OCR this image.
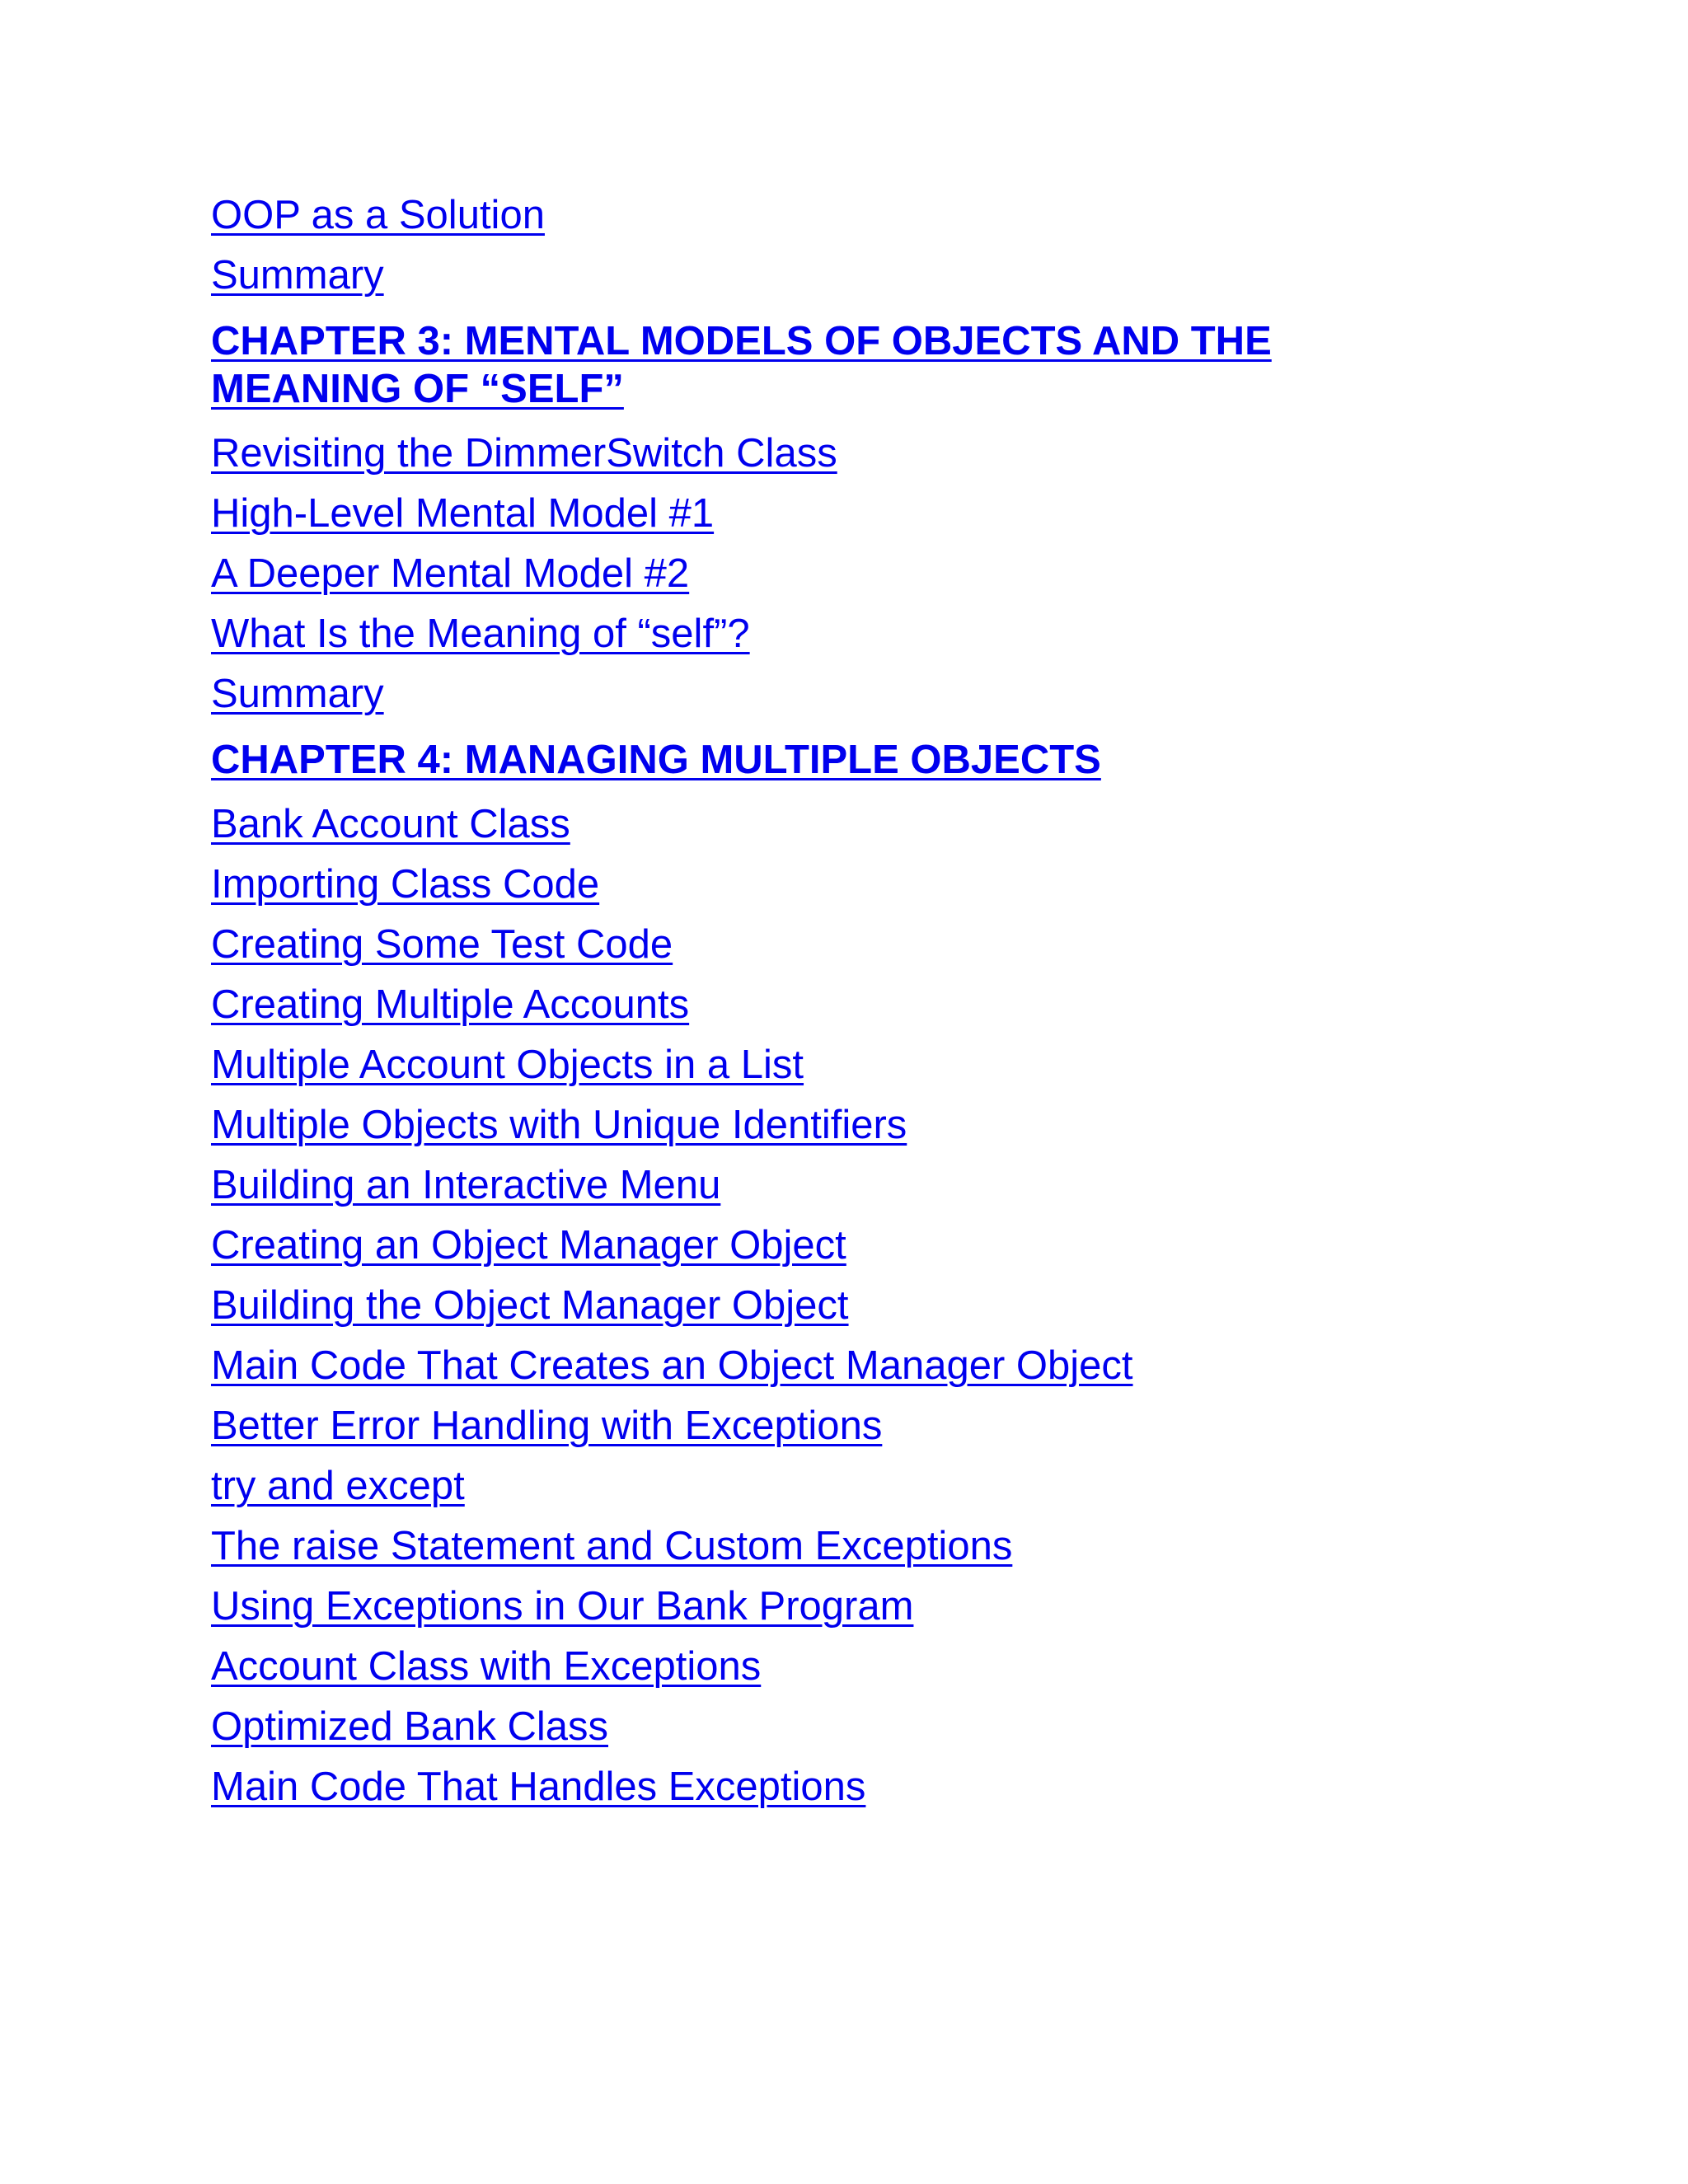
OOP as a Solution
Summary
CHAPTER 3: MENTAL MODELS OF OBJECTS AND THE
MEANING OF “SELF”
Revisiting the DimmerSwitch Class
High-Level Mental Model #1
A Deeper Mental Model #2
What Is the Meaning of “self”?
Summary
CHAPTER 4: MANAGING MULTIPLE OBJECTS
Bank Account Class
Importing Class Code
Creating Some Test Code
Creating Multiple Accounts
Multiple Account Objects in a List
Multiple Objects with Unique Identifiers
Building an Interactive Menu
Creating an Object Manager Object
Building the Object Manager Object
Main Code That Creates an Object Manager Object
Better Error Handling with Exceptions
try and except
The raise Statement and Custom Exceptions
Using Exceptions in Our Bank Program
Account Class with Exceptions
Optimized Bank Class
Main Code That Handles Exceptions
